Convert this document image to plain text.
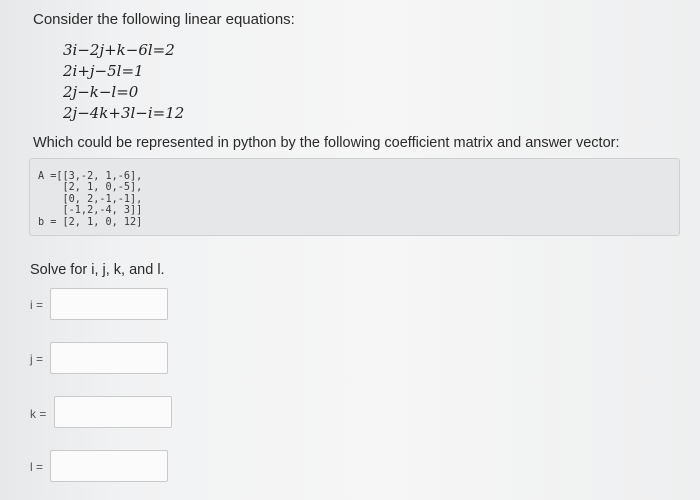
Consider the following linear equations:
3i−2j+k−6l=2
2i+j−5l=1
2j−k−l=0
2j−4k+3l−i=12
Which could be represented in python by the following coefficient matrix and answer vector:
A =[[3,-2, 1,-6],
[2, 1, 0,-5],
[0, 2,-1,-1],
[-1,2,-4, 3]]
b = [2, 1, 0, 12]
Solve for i, j, k, and l.
i =
j =
k =
l =
